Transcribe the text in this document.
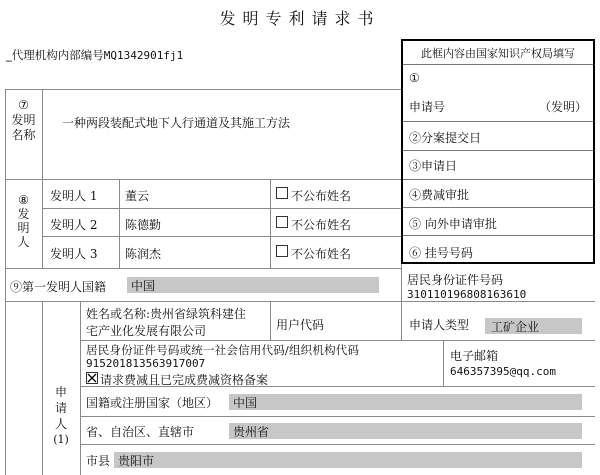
发明专利请求书
_代理机构内部编号MQ1342901fj1	此框内容由国家知识产权局填写
①
申请号	（发明）
②分案提交日
③申请日
④费减审批
⑤ 向外申请审批
⑥ 挂号号码
⑦
发明
名称
一种两段装配式地下人行通道及其施工方法
⑧
发
明
人
发明人 1 董云	不公布姓名
发明人 2 陈德勤	不公布姓名
发明人 3 陈润杰	不公布姓名
⑨第一发明人国籍	中国	居民身份证件号码
310110196808163610
申
请
人
(1)
姓名或名称:贵州省绿筑科建住
宅产业化发展有限公司	用户代码	申请人类型	工矿企业
居民身份证件号码或统一社会信用代码/组织机构代码
915201813563917007
请求费减且已完成费减资格备案
电子邮箱
646357395@qq.com
国籍或注册国家（地区）	中国
省、自治区、直辖市	贵州省
市县 贵阳市
